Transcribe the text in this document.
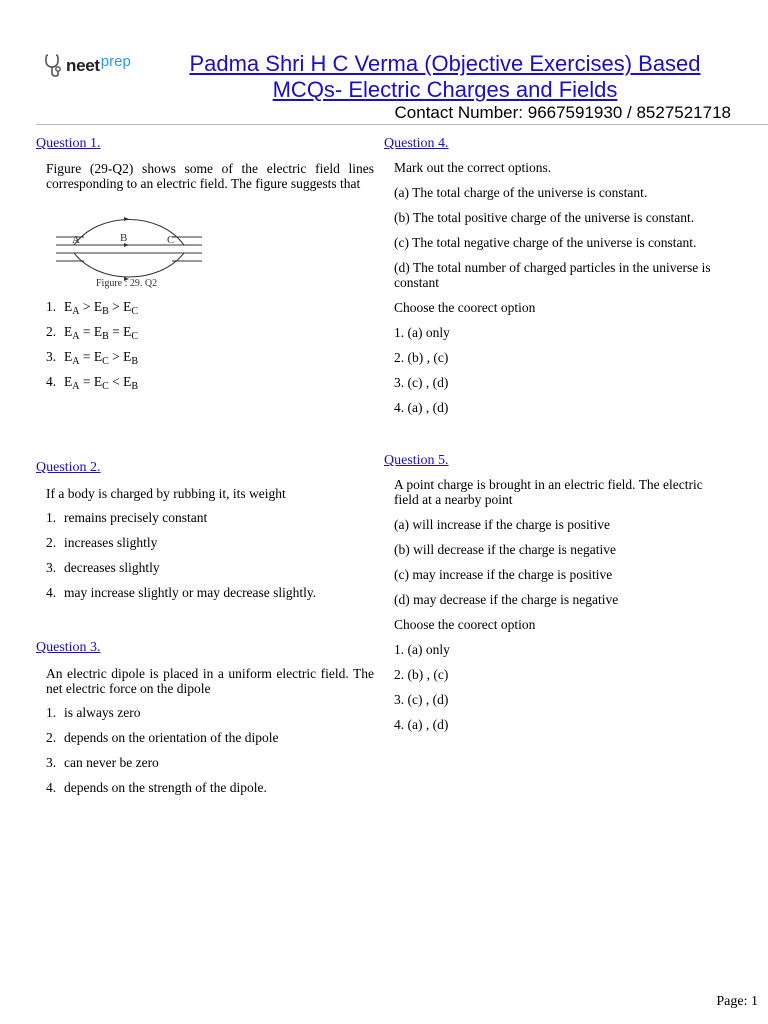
neet prep	Padma Shri H C Verma (Objective Exercises) Based
MCQs- Electric Charges and Fields
Contact Number: 9667591930 / 8527521718
Question 1.
Figure (29-Q2) shows some of the electric field lines corresponding to an electric field. The figure suggests that
A	B	C
Figure : 29. Q2
1. $E_A > E_B > E_C$
2. $E_A = E_B = E_C$
3. $E_A = E_C > E_B$
4. $E_A = E_C < E_B$
Question 2.
If a body is charged by rubbing it, its weight
1. remains precisely constant
2. increases slightly
3. decreases slightly
4. may increase slightly or may decrease slightly.
Question 3.
An electric dipole is placed in a uniform electric field. The net electric force on the dipole
1. is always zero
2. depends on the orientation of the dipole
3. can never be zero
4. depends on the strength of the dipole.
Question 4.
Mark out the correct options.
(a) The total charge of the universe is constant.
(b) The total positive charge of the universe is constant.
(c) The total negative charge of the universe is constant.
(d) The total number of charged particles in the universe is constant
Choose the coorect option
1. (a) only
2. (b) , (c)
3. (c) , (d)
4. (a) , (d)
Question 5.
A point charge is brought in an electric field. The electric field at a nearby point
(a) will increase if the charge is positive
(b) will decrease if the charge is negative
(c) may increase if the charge is positive
(d) may decrease if the charge is negative
Choose the coorect option
1. (a) only
2. (b) , (c)
3. (c) , (d)
4. (a) , (d)
Page: 1
